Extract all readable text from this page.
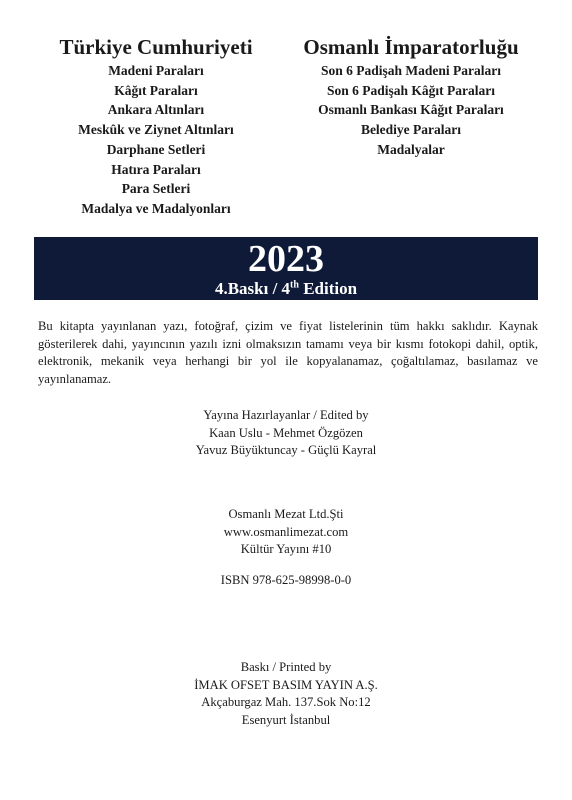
Türkiye Cumhuriyeti
Madeni Paraları
Kâğıt Paraları
Ankara Altınları
Meskûk ve Ziynet Altınları
Darphane Setleri
Hatıra Paraları
Para Setleri
Madalya ve Madalyonları
Osmanlı İmparatorluğu
Son 6 Padişah Madeni Paraları
Son 6 Padişah Kâğıt Paraları
Osmanlı Bankası Kâğıt Paraları
Belediye Paraları
Madalyalar
2023
4.Baskı / 4th Edition
Bu kitapta yayınlanan yazı, fotoğraf, çizim ve fiyat listelerinin tüm hakkı saklıdır. Kaynak gösterilerek dahi, yayıncının yazılı izni olmaksızın tamamı veya bir kısmı fotokopi dahil, optik, elektronik, mekanik veya herhangi bir yol ile kopyalanamaz, çoğaltılamaz, basılamaz ve yayınlanamaz.
Yayına Hazırlayanlar / Edited by
Kaan Uslu - Mehmet Özgözen
Yavuz Büyüktuncay - Güçlü Kayral
Osmanlı Mezat Ltd.Şti
www.osmanlimezat.com
Kültür Yayını #10
ISBN 978-625-98998-0-0
Baskı / Printed by
İMAK OFSET BASIM YAYIN A.Ş.
Akçaburgaz Mah. 137.Sok No:12
Esenyurt İstanbul
